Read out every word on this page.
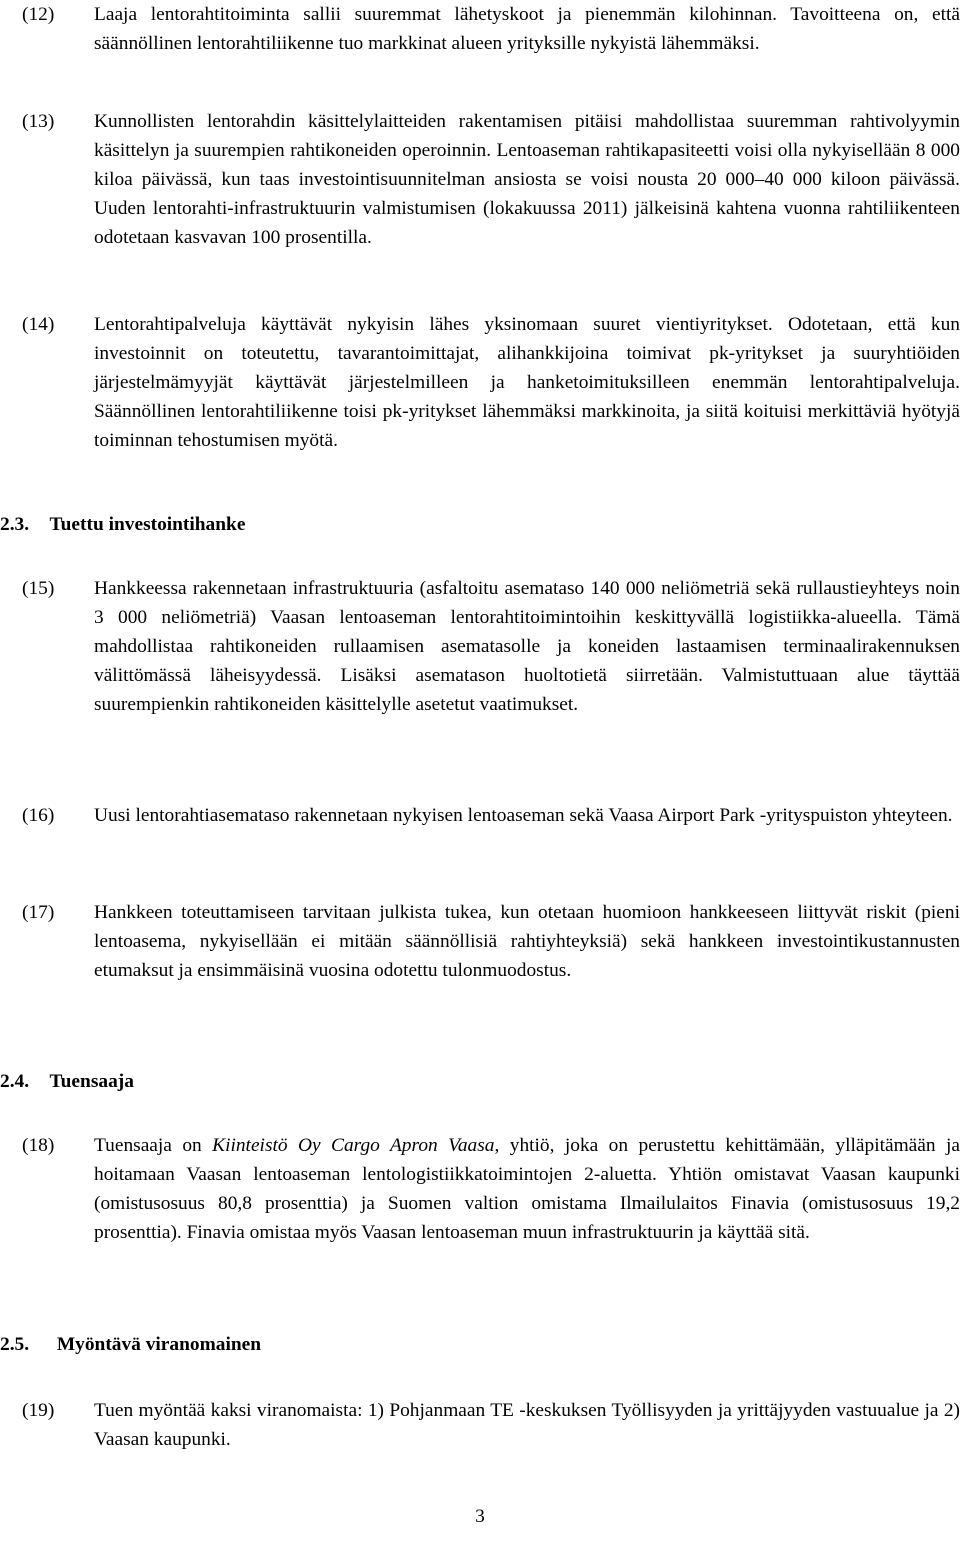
(12)	Laaja lentorahtitoiminta sallii suuremmat lähetyskoot ja pienemmän kilohinnan. Tavoitteena on, että säännöllinen lentorahtiliikenne tuo markkinat alueen yrityksille nykyistä lähemmäksi.
(13)	Kunnollisten lentorahdin käsittelylaitteiden rakentamisen pitäisi mahdollistaa suuremman rahtivolyymin käsittelyn ja suurempien rahtikoneiden operoinnin. Lentoaseman rahtikapasiteetti voisi olla nykyisellään 8 000 kiloa päivässä, kun taas investointisuunnitelman ansiosta se voisi nousta 20 000–40 000 kiloon päivässä. Uuden lentorahti-infrastruktuurin valmistumisen (lokakuussa 2011) jälkeisinä kahtena vuonna rahtiliikenteen odotetaan kasvavan 100 prosentilla.
(14)	Lentorahtipalveluja käyttävät nykyisin lähes yksinomaan suuret vientiyritykset. Odotetaan, että kun investoinnit on toteutettu, tavarantoimittajat, alihankkijoina toimivat pk-yritykset ja suuryhtiöiden järjestelmämyyjät käyttävät järjestelmilleen ja hanketoimituksilleen enemmän lentorahtipalveluja. Säännöllinen lentorahtiliikenne toisi pk-yritykset lähemmäksi markkinoita, ja siitä koituisi merkittäviä hyötyjä toiminnan tehostumisen myötä.
2.3. Tuettu investointihanke
(15)	Hankkeessa rakennetaan infrastruktuuria (asfaltoitu asemataso 140 000 neliömetriä sekä rullaustieyhteys noin 3 000 neliömetriä) Vaasan lentoaseman lentorahtitoimintoihin keskittyvällä logistiikka-alueella. Tämä mahdollistaa rahtikoneiden rullaamisen asematasolle ja koneiden lastaamisen terminaalirakennuksen välittömässä läheisyydessä. Lisäksi asematason huoltotietä siirretään. Valmistuttuaan alue täyttää suurempienkin rahtikoneiden käsittelylle asetetut vaatimukset.
(16)	Uusi lentorahtiasemataso rakennetaan nykyisen lentoaseman sekä Vaasa Airport Park -yrityspuiston yhteyteen.
(17)	Hankkeen toteuttamiseen tarvitaan julkista tukea, kun otetaan huomioon hankkeeseen liittyvät riskit (pieni lentoasema, nykyisellään ei mitään säännöllisiä rahtiyhteyksiä) sekä hankkeen investointikustannusten etumaksut ja ensimmäisinä vuosina odotettu tulonmuodostus.
2.4. Tuensaaja
(18)	Tuensaaja on Kiinteistö Oy Cargo Apron Vaasa, yhtiö, joka on perustettu kehittämään, ylläpitämään ja hoitamaan Vaasan lentoaseman lentologistiikkatoimintojen 2-aluetta. Yhtiön omistavat Vaasan kaupunki (omistusosuus 80,8 prosenttia) ja Suomen valtion omistama Ilmailulaitos Finavia (omistusosuus 19,2 prosenttia). Finavia omistaa myös Vaasan lentoaseman muun infrastruktuurin ja käyttää sitä.
2.5. Myöntävä viranomainen
(19)	Tuen myöntää kaksi viranomaista: 1) Pohjanmaan TE -keskuksen Työllisyyden ja yrittäjyyden vastuualue ja 2) Vaasan kaupunki.
3
